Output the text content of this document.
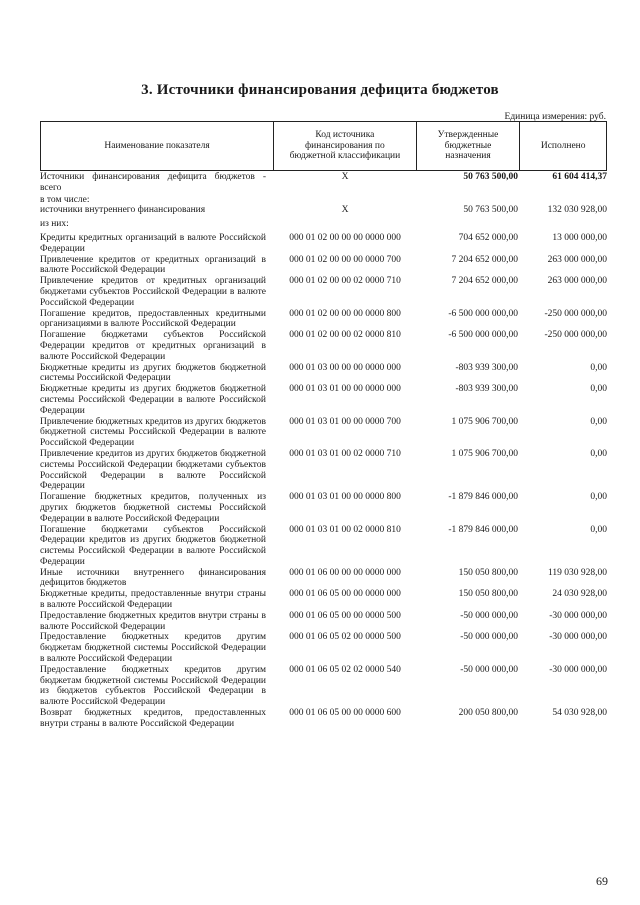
3. Источники финансирования дефицита бюджетов
Единица измерения: руб.
Наименование показателя
Код источника финансирования по бюджетной классификации
Утвержденные бюджетные назначения
Исполнено
Источники финансирования дефицита бюджетов - всего
X	50 763 500,00	61 604 414,37
в том числе:
источники внутреннего финансирования	X	50 763 500,00	132 030 928,00
из них:
Кредиты кредитных организаций в валюте Российской Федерации
000 01 02 00 00 00 0000 000	704 652 000,00	13 000 000,00
Привлечение кредитов от кредитных организаций в валюте Российской Федерации
000 01 02 00 00 00 0000 700	7 204 652 000,00	263 000 000,00
Привлечение кредитов от кредитных организаций бюджетами субъектов Российской Федерации в валюте Российской Федерации
000 01 02 00 00 02 0000 710	7 204 652 000,00	263 000 000,00
Погашение кредитов, предоставленных кредитными организациями в валюте Российской Федерации
000 01 02 00 00 00 0000 800	-6 500 000 000,00	-250 000 000,00
Погашение бюджетами субъектов Российской Федерации кредитов от кредитных организаций в валюте Российской Федерации
000 01 02 00 00 02 0000 810	-6 500 000 000,00	-250 000 000,00
Бюджетные кредиты из других бюджетов бюджетной системы Российской Федерации
000 01 03 00 00 00 0000 000	-803 939 300,00	0,00
Бюджетные кредиты из других бюджетов бюджетной системы Российской Федерации в валюте Российской Федерации
000 01 03 01 00 00 0000 000	-803 939 300,00	0,00
Привлечение бюджетных кредитов из других бюджетов бюджетной системы Российской Федерации в валюте Российской Федерации
000 01 03 01 00 00 0000 700	1 075 906 700,00	0,00
Привлечение кредитов из других бюджетов бюджетной системы Российской Федерации бюджетами субъектов Российской Федерации в валюте Российской Федерации
000 01 03 01 00 02 0000 710	1 075 906 700,00	0,00
Погашение бюджетных кредитов, полученных из других бюджетов бюджетной системы Российской Федерации в валюте Российской Федерации
000 01 03 01 00 00 0000 800	-1 879 846 000,00	0,00
Погашение бюджетами субъектов Российской Федерации кредитов из других бюджетов бюджетной системы Российской Федерации в валюте Российской Федерации
000 01 03 01 00 02 0000 810	-1 879 846 000,00	0,00
Иные источники внутреннего финансирования дефицитов бюджетов
000 01 06 00 00 00 0000 000	150 050 800,00	119 030 928,00
Бюджетные кредиты, предоставленные внутри страны в валюте Российской Федерации
000 01 06 05 00 00 0000 000	150 050 800,00	24 030 928,00
Предоставление бюджетных кредитов внутри страны в валюте Российской Федерации
000 01 06 05 00 00 0000 500	-50 000 000,00	-30 000 000,00
Предоставление бюджетных кредитов другим бюджетам бюджетной системы Российской Федерации в валюте Российской Федерации
000 01 06 05 02 00 0000 500	-50 000 000,00	-30 000 000,00
Предоставление бюджетных кредитов другим бюджетам бюджетной системы Российской Федерации из бюджетов субъектов Российской Федерации в валюте Российской Федерации
000 01 06 05 02 02 0000 540	-50 000 000,00	-30 000 000,00
Возврат бюджетных кредитов, предоставленных внутри страны в валюте Российской Федерации
000 01 06 05 00 00 0000 600	200 050 800,00	54 030 928,00
69
